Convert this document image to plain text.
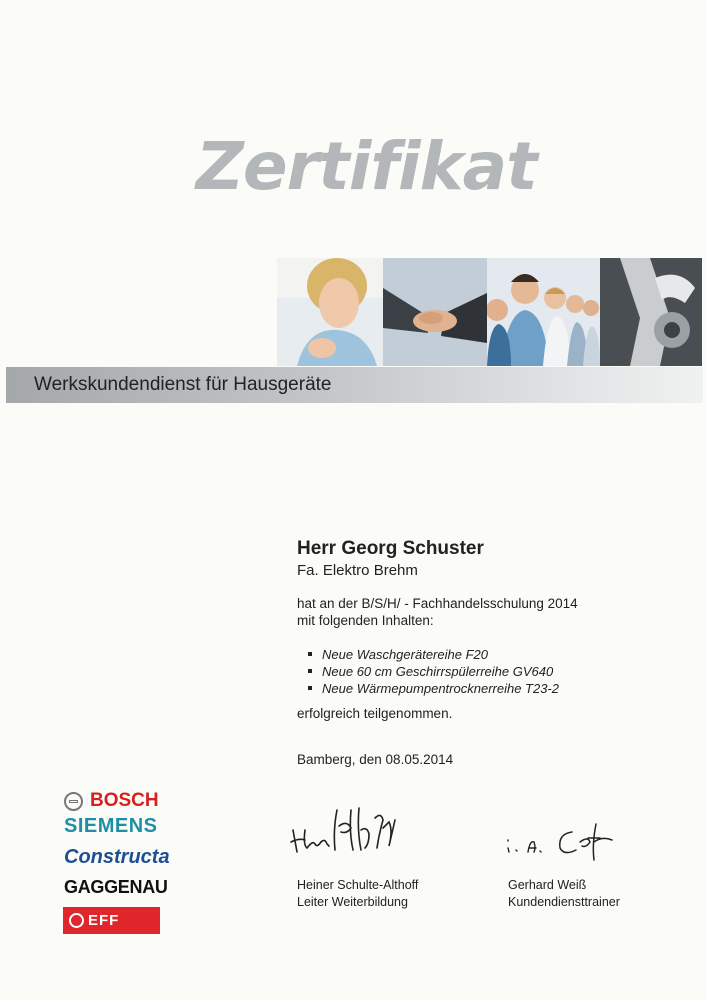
Zertifikat
Werkskundendienst für Hausgeräte
Herr Georg Schuster
Fa. Elektro Brehm
hat an der B/S/H/ - Fachhandelsschulung 2014
mit folgenden Inhalten:
Neue Waschgerätereihe F20
Neue 60 cm Geschirrspülerreihe GV640
Neue Wärmepumpentrocknerreihe T23-2
erfolgreich teilgenommen.
Bamberg, den 08.05.2014
Heiner Schulte-Althoff
Leiter Weiterbildung
Gerhard Weiß
Kundendiensttrainer
BOSCH
SIEMENS
Constructa
GAGGENAU
EFF
